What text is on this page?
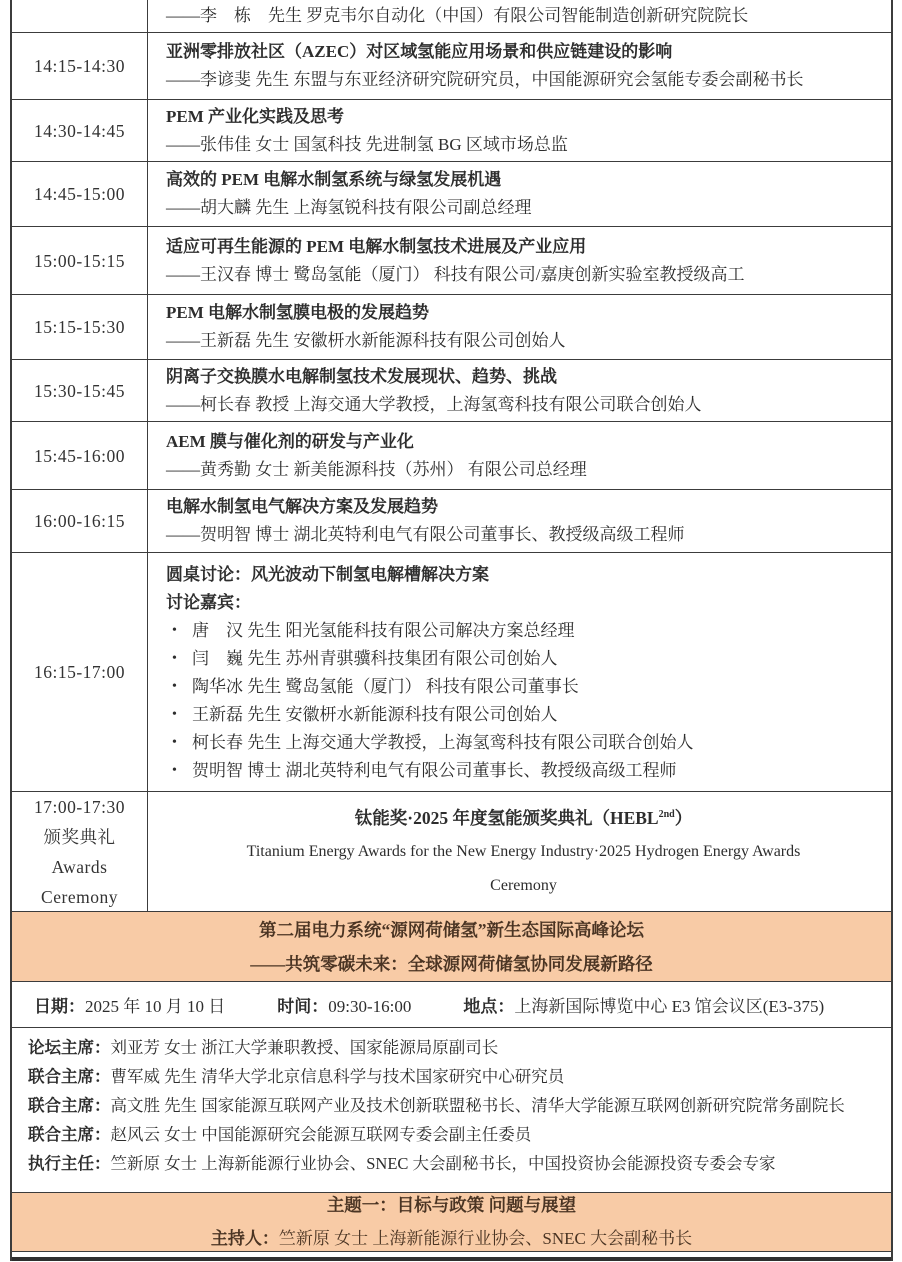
——李　栋　先生 罗克韦尔自动化（中国）有限公司智能制造创新研究院院长
14:15-14:30
亚洲零排放社区（AZEC）对区域氢能应用场景和供应链建设的影响
——李谚斐 先生 东盟与东亚经济研究院研究员，中国能源研究会氢能专委会副秘书长
14:30-14:45
PEM 产业化实践及思考
——张伟佳 女士 国氢科技 先进制氢 BG 区域市场总监
14:45-15:00
高效的 PEM 电解水制氢系统与绿氢发展机遇
——胡大麟 先生 上海氢锐科技有限公司副总经理
15:00-15:15
适应可再生能源的 PEM 电解水制氢技术进展及产业应用
——王汉春 博士 鹭岛氢能（厦门） 科技有限公司/嘉庚创新实验室教授级高工
15:15-15:30
PEM 电解水制氢膜电极的发展趋势
——王新磊 先生 安徽枅水新能源科技有限公司创始人
15:30-15:45
阴离子交换膜水电解制氢技术发展现状、趋势、挑战
——柯长春 教授 上海交通大学教授，上海氢鸾科技有限公司联合创始人
15:45-16:00
AEM 膜与催化剂的研发与产业化
——黄秀勤 女士 新美能源科技（苏州） 有限公司总经理
16:00-16:15
电解水制氢电气解决方案及发展趋势
——贺明智 博士 湖北英特利电气有限公司董事长、教授级高级工程师
16:15-17:00
圆桌讨论：风光波动下制氢电解槽解决方案
讨论嘉宾：
• 唐　汉 先生 阳光氢能科技有限公司解决方案总经理
• 闫　巍 先生 苏州青骐骥科技集团有限公司创始人
• 陶华冰 先生 鹭岛氢能（厦门） 科技有限公司董事长
• 王新磊 先生 安徽枅水新能源科技有限公司创始人
• 柯长春 先生 上海交通大学教授，上海氢鸾科技有限公司联合创始人
• 贺明智 博士 湖北英特利电气有限公司董事长、教授级高级工程师
17:00-17:30
颁奖典礼
Awards
Ceremony
钛能奖·2025 年度氢能颁奖典礼$(HEBL^{2nd})$
Titanium Energy Awards for the New Energy Industry·2025 Hydrogen Energy Awards
Ceremony
第二届电力系统“源网荷储氢”新生态国际高峰论坛
——共筑零碳未来：全球源网荷储氢协同发展新路径
日期：2025 年 10 月 10 日	时间：09:30-16:00	地点：上海新国际博览中心 E3 馆会议区(E3-375)
论坛主席：刘亚芳 女士 浙江大学兼职教授、国家能源局原副司长
联合主席：曹军威 先生 清华大学北京信息科学与技术国家研究中心研究员
联合主席：高文胜 先生 国家能源互联网产业及技术创新联盟秘书长、清华大学能源互联网创新研究院常务副院长
联合主席：赵风云 女士 中国能源研究会能源互联网专委会副主任委员
执行主任：竺新原 女士 上海新能源行业协会、SNEC 大会副秘书长，中国投资协会能源投资专委会专家
主题一：目标与政策 问题与展望
主持人：竺新原 女士 上海新能源行业协会、SNEC 大会副秘书长
